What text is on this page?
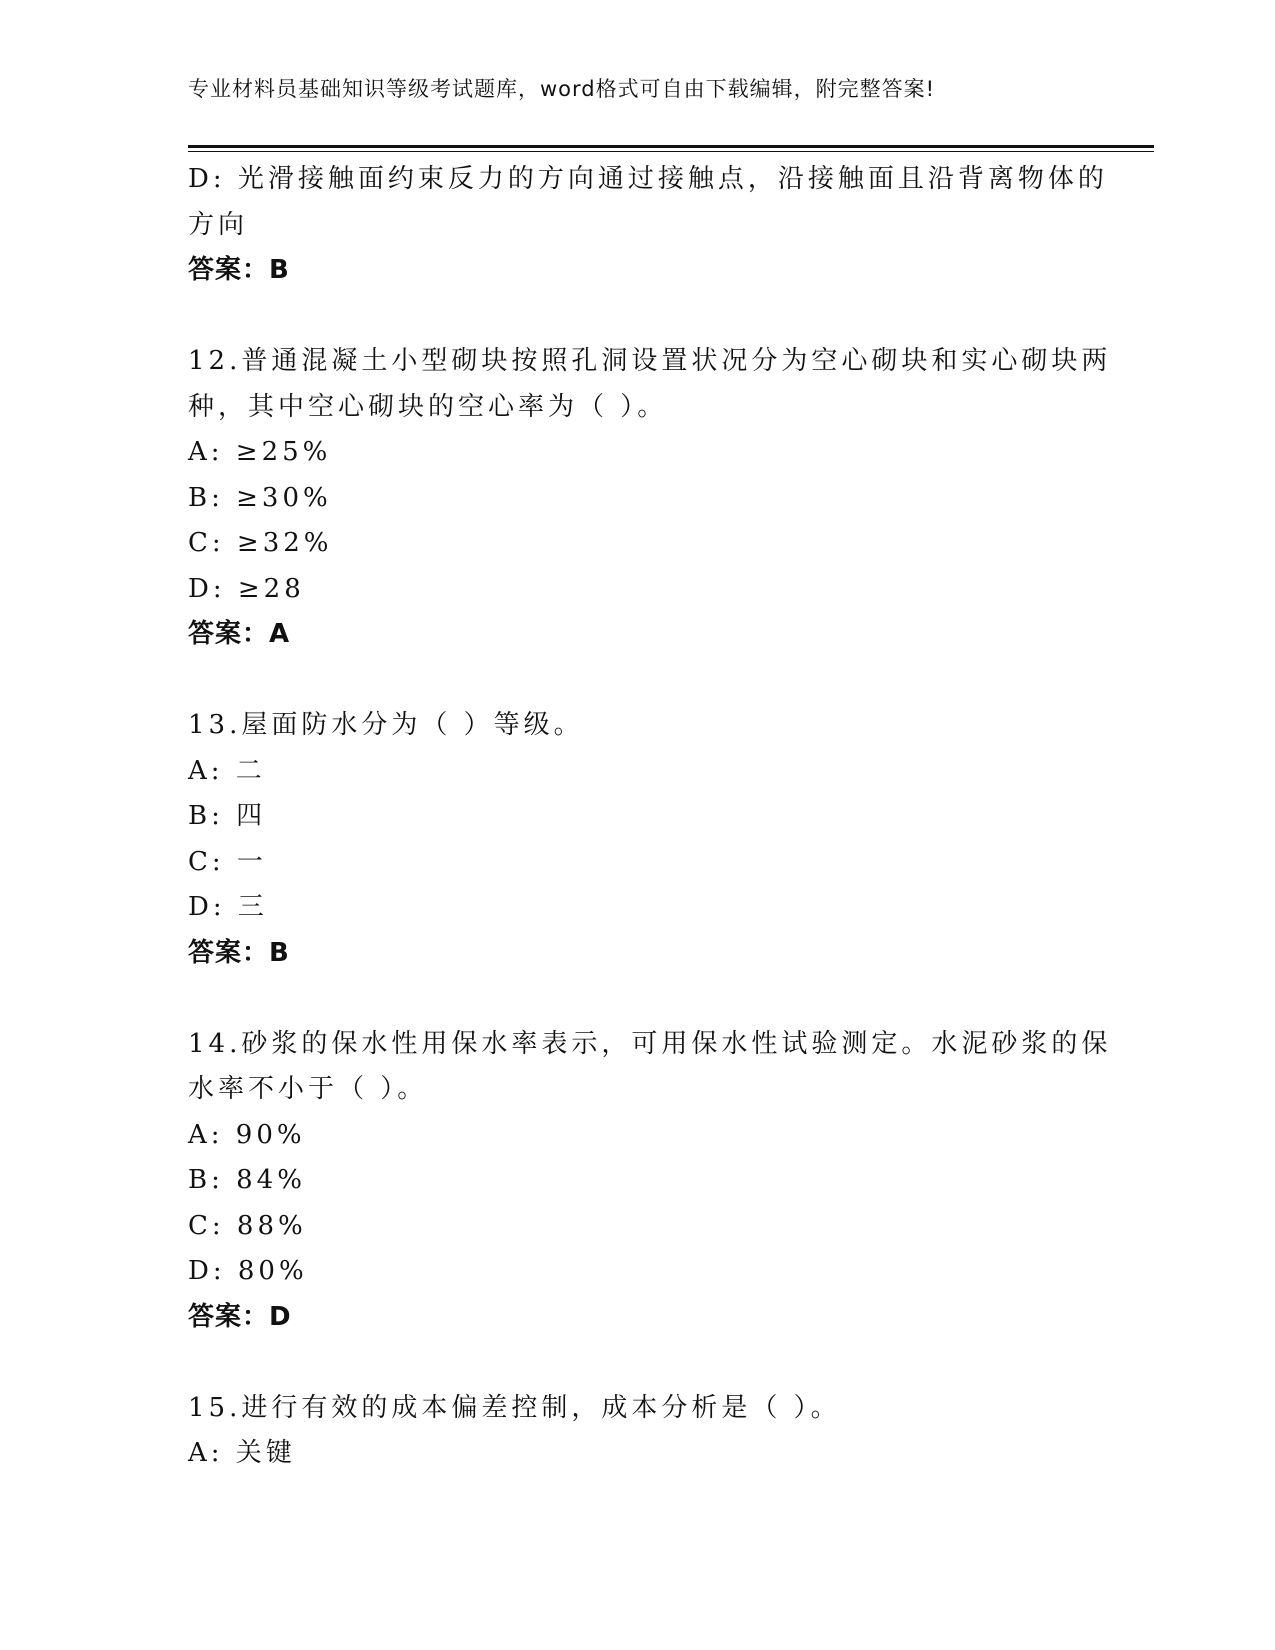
专业材料员基础知识等级考试题库，word格式可自由下载编辑，附完整答案!
D: 光滑接触面约束反力的方向通过接触点，沿接触面且沿背离物体的
方向
答案：B
12.普通混凝土小型砌块按照孔洞设置状况分为空心砌块和实心砌块两
种，其中空心砌块的空心率为（ ）。
A: ≥25%
B: ≥30%
C: ≥32%
D: ≥28
答案：A
13.屋面防水分为（ ）等级。
A: 二
B: 四
C: 一
D: 三
答案：B
14.砂浆的保水性用保水率表示，可用保水性试验测定。水泥砂浆的保
水率不小于（ ）。
A: 90%
B: 84%
C: 88%
D: 80%
答案：D
15.进行有效的成本偏差控制，成本分析是（ ）。
A: 关键
